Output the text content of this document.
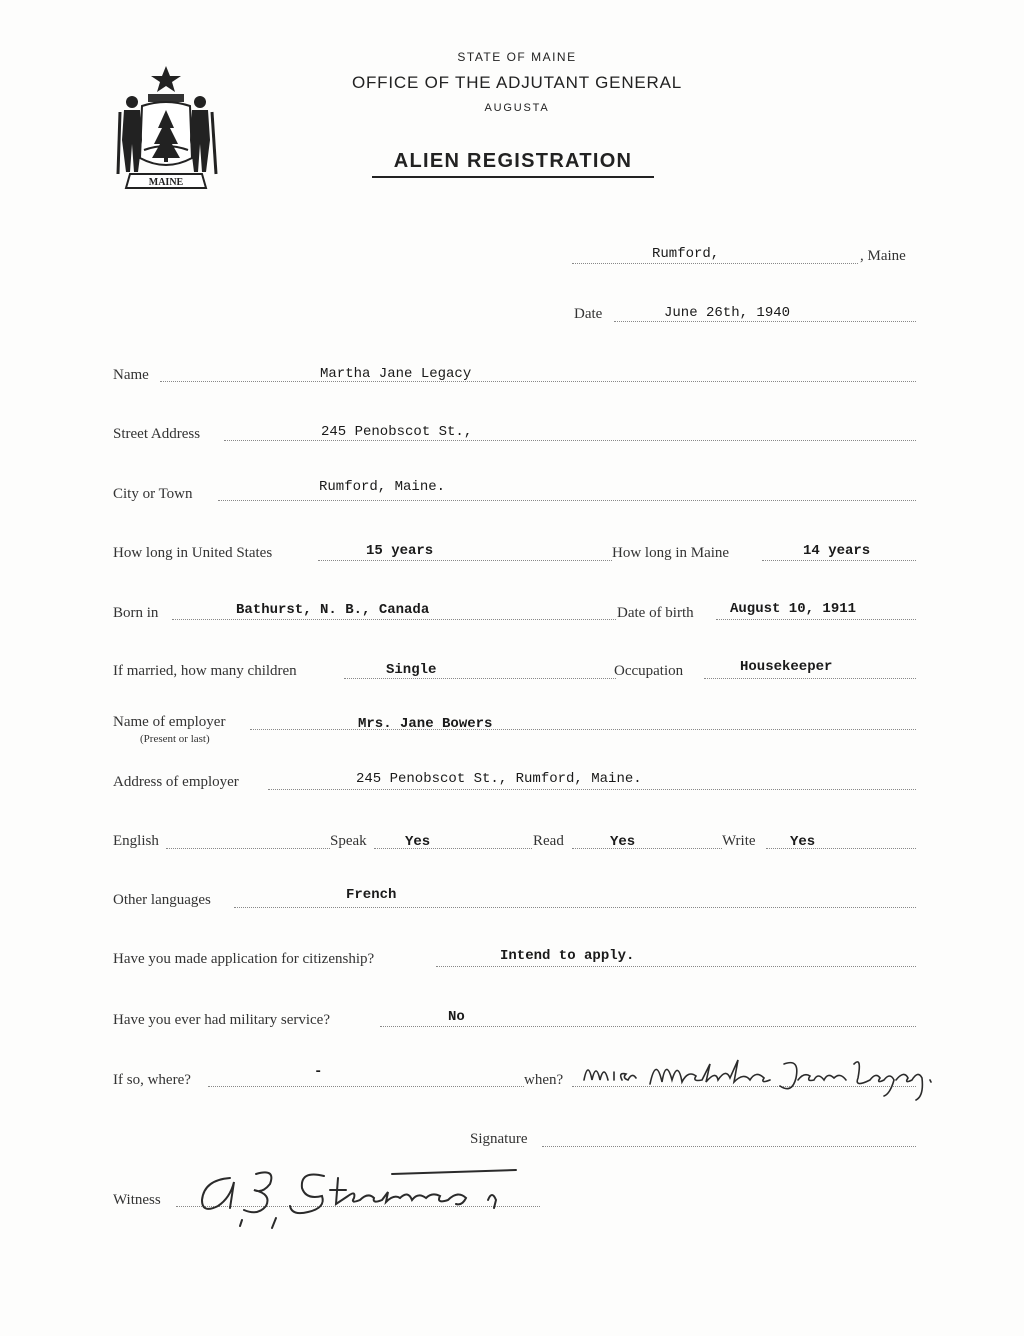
MAINE
STATE OF MAINE
OFFICE OF THE ADJUTANT GENERAL
AUGUSTA
ALIEN REGISTRATION
Rumford,	, Maine
Date	June 26th, 1940
Name	Martha Jane Legacy
Street Address	245 Penobscot St.,
City or Town	Rumford, Maine.
How long in United States	15 years	How long in Maine	14 years
Born in	Bathurst, N. B., Canada	Date of birth	August 10, 1911
If married, how many children	Single	Occupation	Housekeeper
Name of employer
(Present or last)
Mrs. Jane Bowers
Address of employer	245 Penobscot St., Rumford, Maine.
English	Speak	Yes	Read	Yes	Write Yes
Other languages	French
Have you made application for citizenship?	Intend to apply.
Have you ever had military service?	No
If so, where?	-	when?
Signature
Witness
